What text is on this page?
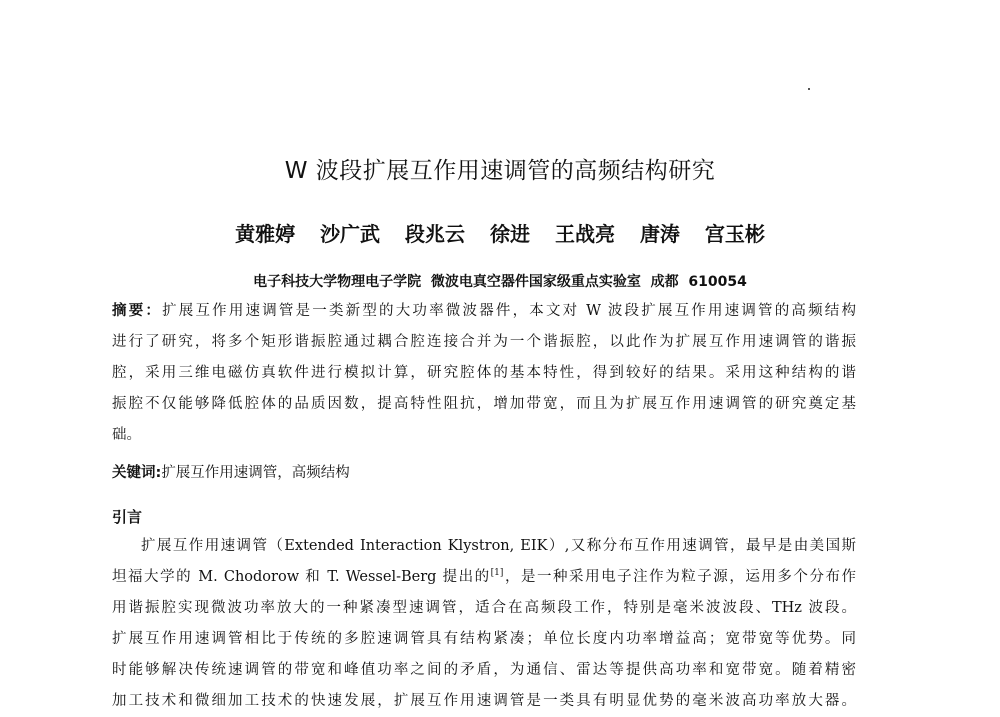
W 波段扩展互作用速调管的高频结构研究
黄雅婷 沙广武 段兆云 徐进 王战亮 唐涛 宫玉彬
电子科技大学物理电子学院  微波电真空器件国家级重点实验室  成都  610054
摘要：扩展互作用速调管是一类新型的大功率微波器件，本文对 W 波段扩展互作用速调管的高频结构
进行了研究，将多个矩形谐振腔通过耦合腔连接合并为一个谐振腔，以此作为扩展互作用速调管的谐振
腔，采用三维电磁仿真软件进行模拟计算，研究腔体的基本特性，得到较好的结果。采用这种结构的谐
振腔不仅能够降低腔体的品质因数，提高特性阻抗，增加带宽，而且为扩展互作用速调管的研究奠定基
础。
关键词:扩展互作用速调管，高频结构
引言
扩展互作用速调管（Extended Interaction Klystron, EIK）,又称分布互作用速调管，最早是由美国斯
坦福大学的 M. Chodorow 和 T. Wessel-Berg 提出的[1]，是一种采用电子注作为粒子源，运用多个分布作
用谐振腔实现微波功率放大的一种紧凑型速调管，适合在高频段工作，特别是毫米波波段、THz 波段。
扩展互作用速调管相比于传统的多腔速调管具有结构紧凑；单位长度内功率增益高；宽带宽等优势。同
时能够解决传统速调管的带宽和峰值功率之间的矛盾，为通信、雷达等提供高功率和宽带宽。随着精密
加工技术和微细加工技术的快速发展，扩展互作用速调管是一类具有明显优势的毫米波高功率放大器。
